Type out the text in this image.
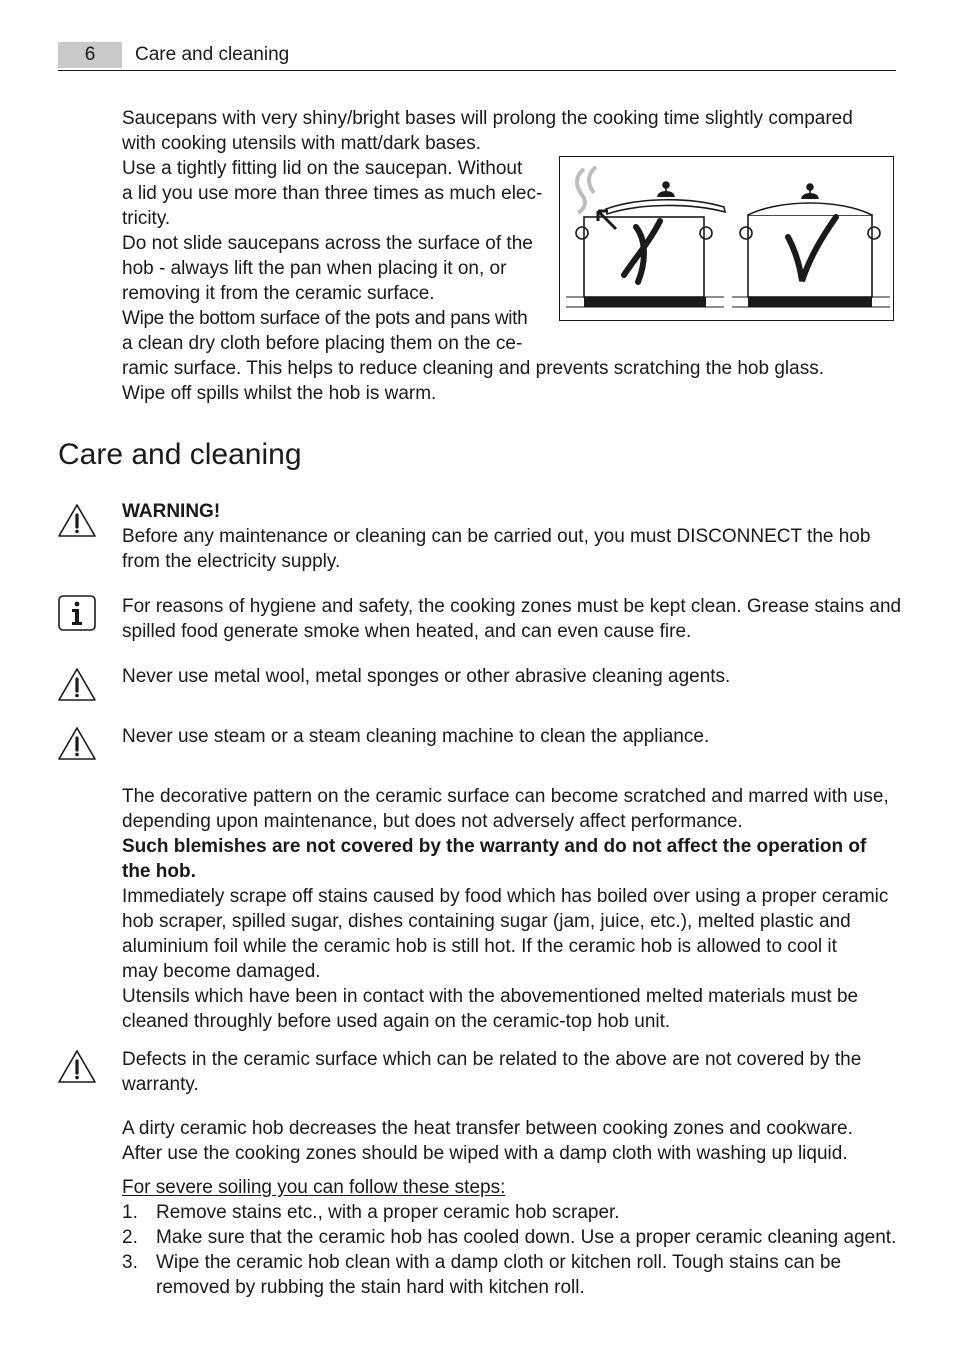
6	Care and cleaning

Saucepans with very shiny/bright bases will prolong the cooking time slightly compared

with cooking utensils with matt/dark bases.

Use a tightly fitting lid on the saucepan. Without

a lid you use more than three times as much elec-

tricity.

Do not slide saucepans across the surface of the

hob - always lift the pan when placing it on, or

removing it from the ceramic surface.

Wipe the bottom surface of the pots and pans with

a clean dry cloth before placing them on the ce-

ramic surface. This helps to reduce cleaning and prevents scratching the hob glass.

Wipe off spills whilst the hob is warm.

Care and cleaning

WARNING!

Before any maintenance or cleaning can be carried out, you must DISCONNECT the hob

from the electricity supply.

For reasons of hygiene and safety, the cooking zones must be kept clean. Grease stains and

spilled food generate smoke when heated, and can even cause fire.

Never use metal wool, metal sponges or other abrasive cleaning agents.

Never use steam or a steam cleaning machine to clean the appliance.

The decorative pattern on the ceramic surface can become scratched and marred with use,

depending upon maintenance, but does not adversely affect performance.

Such blemishes are not covered by the warranty and do not affect the operation of

the hob.

Immediately scrape off stains caused by food which has boiled over using a proper ceramic

hob scraper, spilled sugar, dishes containing sugar (jam, juice, etc.), melted plastic and

aluminium foil while the ceramic hob is still hot. If the ceramic hob is allowed to cool it

may become damaged.

Utensils which have been in contact with the abovementioned melted materials must be

cleaned throughly before used again on the ceramic-top hob unit.

Defects in the ceramic surface which can be related to the above are not covered by the

warranty.

A dirty ceramic hob decreases the heat transfer between cooking zones and cookware.

After use the cooking zones should be wiped with a damp cloth with washing up liquid.

For severe soiling you can follow these steps:

1. Remove stains etc., with a proper ceramic hob scraper.

2. Make sure that the ceramic hob has cooled down. Use a proper ceramic cleaning agent.

3. Wipe the ceramic hob clean with a damp cloth or kitchen roll. Tough stains can be

removed by rubbing the stain hard with kitchen roll.
